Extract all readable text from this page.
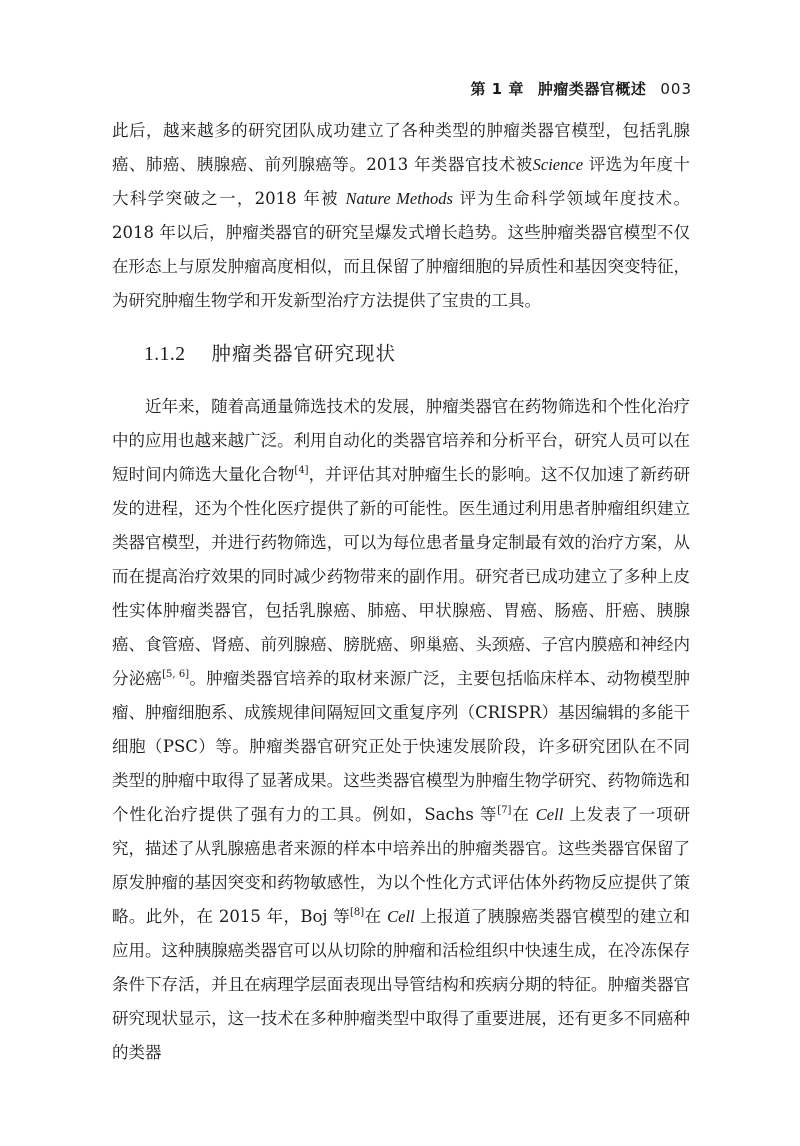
第 1 章 肿瘤类器官概述 003

此后，越来越多的研究团队成功建立了各种类型的肿瘤类器官模型，包括乳腺癌、肺癌、胰腺癌、前列腺癌等。2013 年类器官技术被Science 评选为年度十大科学突破之一，2018 年被 Nature Methods 评为生命科学领域年度技术。2018 年以后，肿瘤类器官的研究呈爆发式增长趋势。这些肿瘤类器官模型不仅在形态上与原发肿瘤高度相似，而且保留了肿瘤细胞的异质性和基因突变特征，为研究肿瘤生物学和开发新型治疗方法提供了宝贵的工具。

1.1.2 肿瘤类器官研究现状

近年来，随着高通量筛选技术的发展，肿瘤类器官在药物筛选和个性化治疗中的应用也越来越广泛。利用自动化的类器官培养和分析平台，研究人员可以在短时间内筛选大量化合物[4]，并评估其对肿瘤生长的影响。这不仅加速了新药研发的进程，还为个性化医疗提供了新的可能性。医生通过利用患者肿瘤组织建立类器官模型，并进行药物筛选，可以为每位患者量身定制最有效的治疗方案，从而在提高治疗效果的同时减少药物带来的副作用。研究者已成功建立了多种上皮性实体肿瘤类器官，包括乳腺癌、肺癌、甲状腺癌、胃癌、肠癌、肝癌、胰腺癌、食管癌、肾癌、前列腺癌、膀胱癌、卵巢癌、头颈癌、子宫内膜癌和神经内分泌癌[5, 6]。肿瘤类器官培养的取材来源广泛，主要包括临床样本、动物模型肿瘤、肿瘤细胞系、成簇规律间隔短回文重复序列（CRISPR）基因编辑的多能干细胞（PSC）等。肿瘤类器官研究正处于快速发展阶段，许多研究团队在不同类型的肿瘤中取得了显著成果。这些类器官模型为肿瘤生物学研究、药物筛选和个性化治疗提供了强有力的工具。例如，Sachs 等[7]在 Cell 上发表了一项研究，描述了从乳腺癌患者来源的样本中培养出的肿瘤类器官。这些类器官保留了原发肿瘤的基因突变和药物敏感性，为以个性化方式评估体外药物反应提供了策略。此外，在 2015 年，Boj 等[8]在 Cell 上报道了胰腺癌类器官模型的建立和应用。这种胰腺癌类器官可以从切除的肿瘤和活检组织中快速生成，在冷冻保存条件下存活，并且在病理学层面表现出导管结构和疾病分期的特征。肿瘤类器官研究现状显示，这一技术在多种肿瘤类型中取得了重要进展，还有更多不同癌种的类器
